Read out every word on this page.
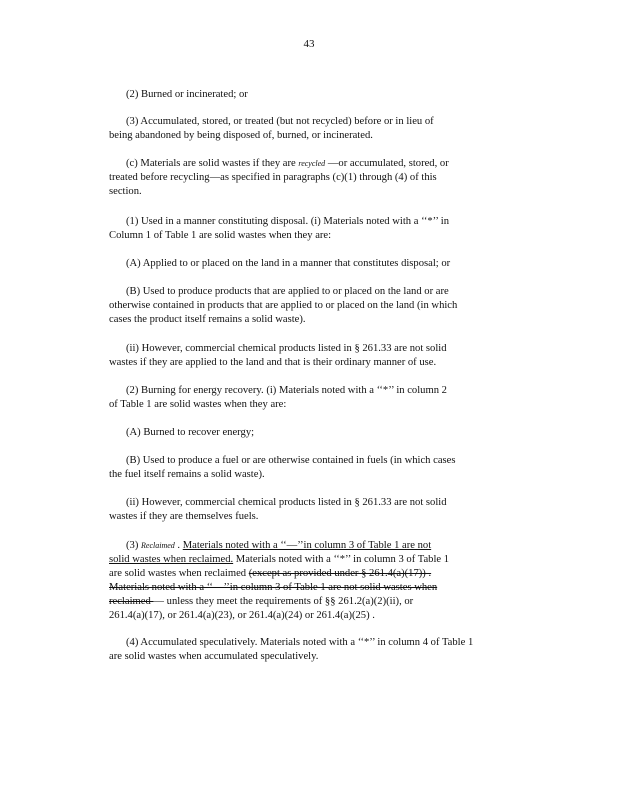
43

(2) Burned or incinerated; or

(3) Accumulated, stored, or treated (but not recycled) before or in lieu of
being abandoned by being disposed of, burned, or incinerated.

(c) Materials are solid wastes if they are recycled —or accumulated, stored, or
treated before recycling—as specified in paragraphs (c)(1) through (4) of this
section.

(1) Used in a manner constituting disposal. (i) Materials noted with a ‘‘*’’ in
Column 1 of Table 1 are solid wastes when they are:

(A) Applied to or placed on the land in a manner that constitutes disposal; or

(B) Used to produce products that are applied to or placed on the land or are
otherwise contained in products that are applied to or placed on the land (in which
cases the product itself remains a solid waste).

(ii) However, commercial chemical products listed in § 261.33 are not solid
wastes if they are applied to the land and that is their ordinary manner of use.

(2) Burning for energy recovery. (i) Materials noted with a ‘‘*’’ in column 2
of Table 1 are solid wastes when they are:

(A) Burned to recover energy;

(B) Used to produce a fuel or are otherwise contained in fuels (in which cases
the fuel itself remains a solid waste).

(ii) However, commercial chemical products listed in § 261.33 are not solid
wastes if they are themselves fuels.

(3) Reclaimed . Materials noted with a ‘‘—’’in column 3 of Table 1 are not
solid wastes when reclaimed. Materials noted with a ‘‘*’’ in column 3 of Table 1
are solid wastes when reclaimed (except as provided under § 261.4(a)(17)) .
Materials noted with a ‘‘—’’in column 3 of Table 1 are not solid wastes when
reclaimed — unless they meet the requirements of §§ 261.2(a)(2)(ii), or
261.4(a)(17), or 261.4(a)(23), or 261.4(a)(24) or 261.4(a)(25) .

(4) Accumulated speculatively. Materials noted with a ‘‘*’’ in column 4 of Table 1
are solid wastes when accumulated speculatively.
